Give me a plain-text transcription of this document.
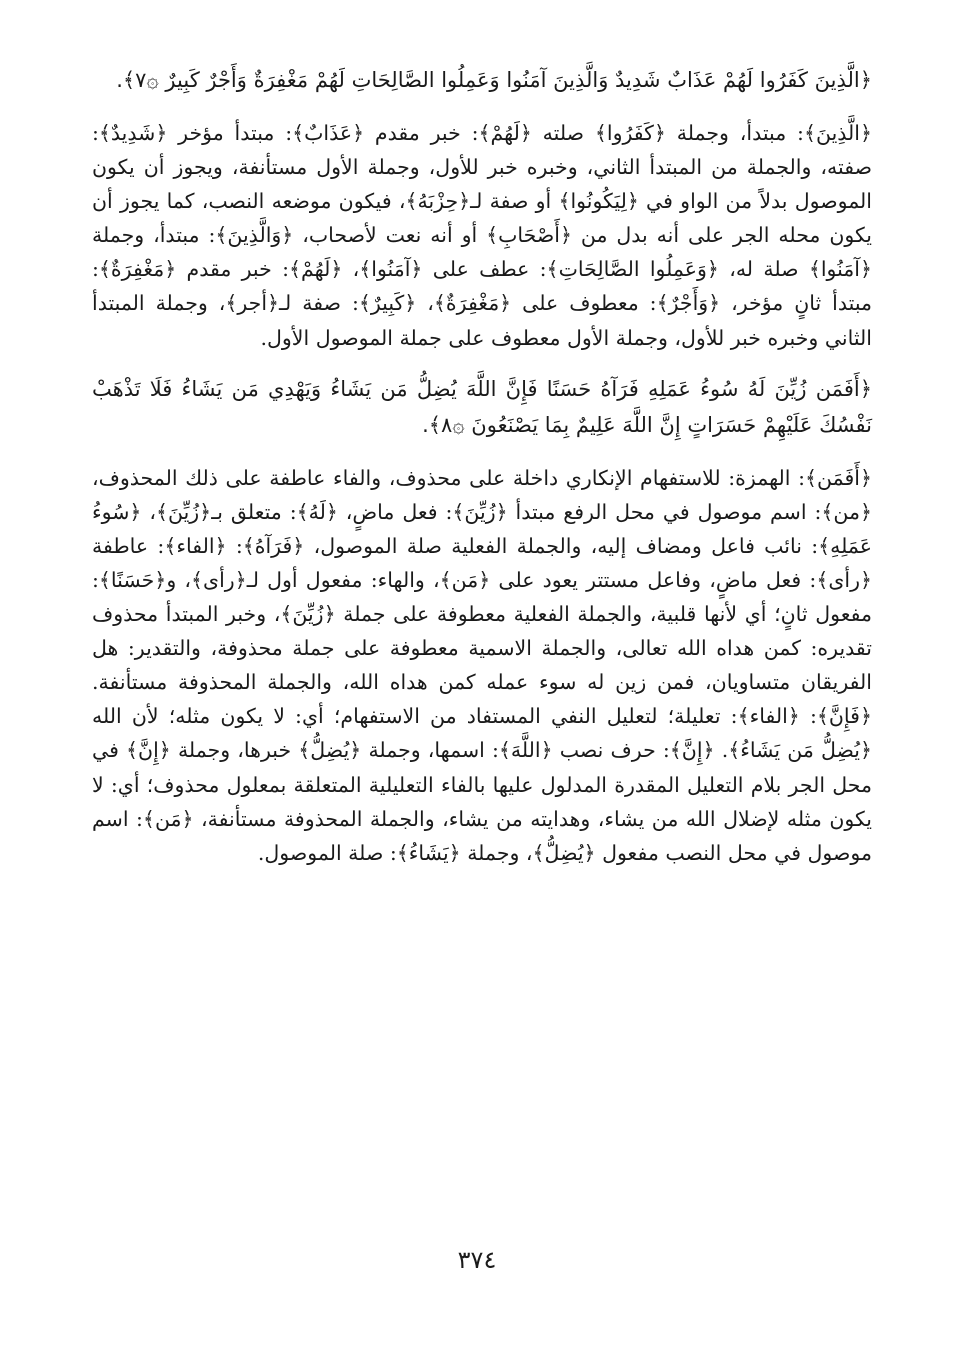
﴿الَّذِينَ كَفَرُوا لَهُمْ عَذَابٌ شَدِيدٌ وَالَّذِينَ آمَنُوا وَعَمِلُوا الصَّالِحَاتِ لَهُمْ مَغْفِرَةٌ وَأَجْرٌ كَبِيرٌ ۞٧﴾.

﴿الَّذِينَ﴾: مبتدأ، وجملة ﴿كَفَرُوا﴾ صلته ﴿لَهُمْ﴾: خبر مقدم ﴿عَذَابٌ﴾: مبتدأ مؤخر ﴿شَدِيدٌ﴾: صفته، والجملة من المبتدأ الثاني، وخبره خبر للأول، وجملة الأول مستأنفة، ويجوز أن يكون الموصول بدلاً من الواو في ﴿لِيَكُونُوا﴾ أو صفة لـ﴿حِزْبَهُ﴾، فيكون موضعه النصب، كما يجوز أن يكون محله الجر على أنه بدل من ﴿أَصْحَابِ﴾ أو أنه نعت لأصحاب، ﴿وَالَّذِينَ﴾: مبتدأ، وجملة ﴿آمَنُوا﴾ صلة له، ﴿وَعَمِلُوا الصَّالِحَاتِ﴾: عطف على ﴿آمَنُوا﴾، ﴿لَهُمْ﴾: خبر مقدم ﴿مَغْفِرَةٌ﴾: مبتدأ ثانٍ مؤخر، ﴿وَأَجْرٌ﴾: معطوف على ﴿مَغْفِرَةٌ﴾، ﴿كَبِيرٌ﴾: صفة لـ﴿أجر﴾، وجملة المبتدأ الثاني وخبره خبر للأول، وجملة الأول معطوف على جملة الموصول الأول.

﴿أَفَمَن زُيِّنَ لَهُ سُوءُ عَمَلِهِ فَرَآهُ حَسَنًا فَإِنَّ اللَّهَ يُضِلُّ مَن يَشَاءُ وَيَهْدِي مَن يَشَاءُ فَلَا تَذْهَبْ نَفْسُكَ عَلَيْهِمْ حَسَرَاتٍ إِنَّ اللَّهَ عَلِيمٌ بِمَا يَصْنَعُونَ ۞٨﴾.

﴿أَفَمَن﴾: الهمزة: للاستفهام الإنكاري داخلة على محذوف، والفاء عاطفة على ذلك المحذوف، ﴿من﴾: اسم موصول في محل الرفع مبتدأ ﴿زُيِّنَ﴾: فعل ماضٍ، ﴿لَهُ﴾: متعلق بـ﴿زُيِّنَ﴾، ﴿سُوءُ عَمَلِهِ﴾: نائب فاعل ومضاف إليه، والجملة الفعلية صلة الموصول، ﴿فَرَآهُ﴾: ﴿الفاء﴾: عاطفة ﴿رأى﴾: فعل ماضٍ، وفاعل مستتر يعود على ﴿مَن﴾، والهاء: مفعول أول لـ﴿رأى﴾، و﴿حَسَنًا﴾: مفعول ثانٍ؛ أي لأنها قلبية، والجملة الفعلية معطوفة على جملة ﴿زُيِّنَ﴾، وخبر المبتدأ محذوف تقديره: كمن هداه الله تعالى، والجملة الاسمية معطوفة على جملة محذوفة، والتقدير: هل الفريقان متساويان، فمن زين له سوء عمله كمن هداه الله، والجملة المحذوفة مستأنفة. ﴿فَإِنَّ﴾: ﴿الفاء﴾: تعليلة؛ لتعليل النفي المستفاد من الاستفهام؛ أي: لا يكون مثله؛ لأن الله ﴿يُضِلُّ مَن يَشَاءُ﴾. ﴿إِنَّ﴾: حرف نصب ﴿اللَّهَ﴾: اسمها، وجملة ﴿يُضِلُّ﴾ خبرها، وجملة ﴿إِنَّ﴾ في محل الجر بلام التعليل المقدرة المدلول عليها بالفاء التعليلية المتعلقة بمعلول محذوف؛ أي: لا يكون مثله لإضلال الله من يشاء، وهدايته من يشاء، والجملة المحذوفة مستأنفة، ﴿مَن﴾: اسم موصول في محل النصب مفعول ﴿يُضِلُّ﴾، وجملة ﴿يَشَاءُ﴾: صلة الموصول.

٣٧٤
